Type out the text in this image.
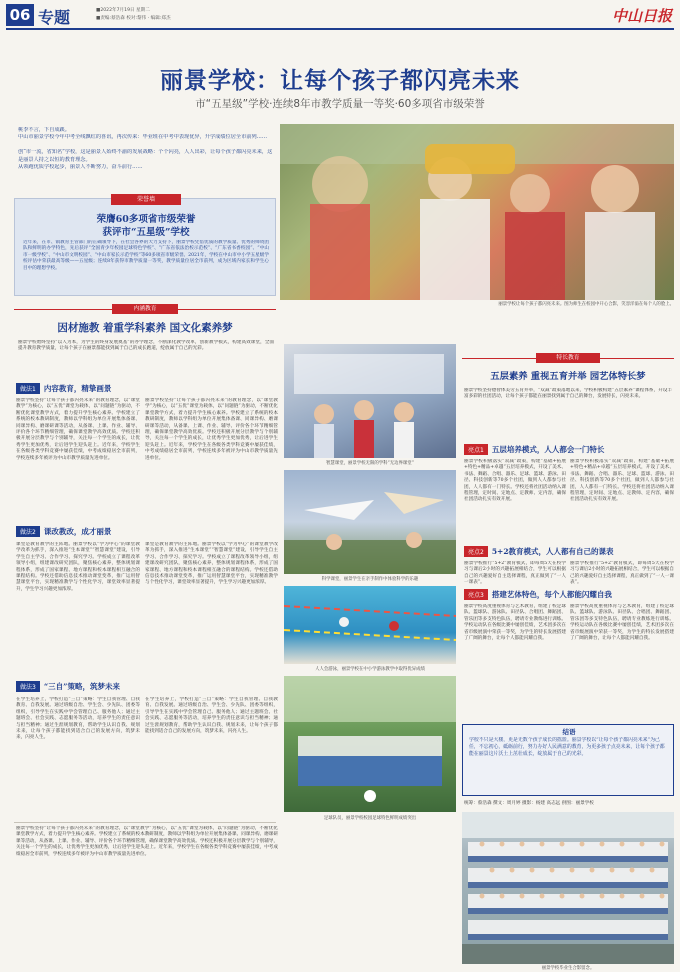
06 专题	■2022年7月19日 星期二
■责编:蔡浩森 校对:黎伟 · 编辑:郑杰	中山日报
丽景学校：让每个孩子都闪亮未来
市“五星级”学校·连续8年市教学质量一等奖·60多项省市级荣誉
桃李不言，下自成蹊。
中山市丽景学校今年中考全线飘红的喜讯，再次传来：毕业班在中考中表现优异，升学成绩位居全市前列……
创“市一流，省知名”学校，这是丽景人始终不渝的发展战略：个个闪亮，人人出彩，让每个孩子都闪亮未来，这是丽景人持之以恒的教育理念。
从领跑优质学校起步，丽景人不断努力，奋斗前行……
荣誉墙
荣膺60多项省市级荣誉
获评市“五星级”学校
近年来，在市、镇教育主管部门的正确领导下，在社会各界的大力支持下，丽景学校凭借优质的教学质量、优秀的师资团队和鲜明的办学特色，先后获评“全国青少年校园足球特色学校”、“广东省依法治校示范校”、“广东省书香校园”、“中山市一级学校”、“中山市文明校园”、“中山市家长示范学校”等60多项省市级荣誉。2021年，学校在中山市中小学五星级学校评估中荣获最高等级——五星级；连续8年获得市教学质量一等奖，教学质量位居全市前列，成为区域内家长和学生心目中的理想学校。
丽景学校让每个孩子都闪亮未来。图为师生在校园中开心合影，笑容洋溢在每个人的脸上。
内涵教育
因材施教 着重学科素养 国文化素养梦
丽景学校始终坚持“以人为本，为学生的终身发展奠基”的办学理念，不断深化教学改革，创新教学模式，构建高效课堂，全面提升教育教学质量，让每个孩子在丽景都能找到属于自己的成长跑道，绽放属于自己的光彩。
做法1	内容教育，精挚画景
丽景学校坚持“让每个孩子都闪亮未来”的教育理念，以“课堂教学”为核心，以“五优”课堂为载体，以“问题链”为驱动，不断优化课堂教学方式，着力提升学生核心素养。学校建立了系统的校本教研制度，教师以学科组为单位开展集体备课、同课异构、磨课研课等活动，从备课、上课、作业、辅导、评价各个环节精细管理，确保课堂教学高效优质。学校还积极开展分层教学与个别辅导，关注每一个学生的成长，让优秀学生更加优秀，让后进学生迎头赶上。近年来，学校学生在各级各类学科竞赛中屡获佳绩，中考成绩稳居全市前列，学校连续多年被评为中山市教学质量先进单位。
丽景学校坚持“让每个孩子都闪亮未来”的教育理念，以“课堂教学”为核心，以“五优”课堂为载体，以“问题链”为驱动，不断优化课堂教学方式，着力提升学生核心素养。学校建立了系统的校本教研制度，教师以学科组为单位开展集体备课、同课异构、磨课研课等活动，从备课、上课、作业、辅导、评价各个环节精细管理，确保课堂教学高效优质。学校还积极开展分层教学与个别辅导，关注每一个学生的成长，让优秀学生更加优秀，让后进学生迎头赶上。近年来，学校学生在各级各类学科竞赛中屡获佳绩，中考成绩稳居全市前列，学校连续多年被评为中山市教学质量先进单位。
做法2	课改教改，成才丽景
课堂是教育教学的主阵地。丽景学校以“学为中心”的课堂教学改革为抓手，深入推进“生本课堂”“智慧课堂”建设，引导学生自主学习、合作学习、探究学习。学校成立了课程改革领导小组，组建课改研究团队，聚焦核心素养，整体规划课程体系，形成了国家课程、地方课程和校本课程相互融合的课程结构。学校还借助信息技术推动课堂变革，推广运用智慧课堂平台，实现精准教学与个性化学习，课堂效率显著提升，学生学习兴趣更加浓厚。
课堂是教育教学的主阵地。丽景学校以“学为中心”的课堂教学改革为抓手，深入推进“生本课堂”“智慧课堂”建设，引导学生自主学习、合作学习、探究学习。学校成立了课程改革领导小组，组建课改研究团队，聚焦核心素养，整体规划课程体系，形成了国家课程、地方课程和校本课程相互融合的课程结构。学校还借助信息技术推动课堂变革，推广运用智慧课堂平台，实现精准教学与个性化学习，课堂效率显著提升，学生学习兴趣更加浓厚。
做法3	“三自”策略，筑梦未来
在学生培养上，学校打造“三自”策略：学生自我管理、自我教育、自我发展。通过班级自治、学生会、少先队、团委等组织，引导学生在实践中学会管理自己、服务他人；通过主题班会、社会实践、志愿服务等活动，培养学生的责任意识与担当精神；通过生涯规划教育，帮助学生认识自我、规划未来，让每个孩子都能找到适合自己的发展方向，筑梦未来，闪亮人生。
在学生培养上，学校打造“三自”策略：学生自我管理、自我教育、自我发展。通过班级自治、学生会、少先队、团委等组织，引导学生在实践中学会管理自己、服务他人；通过主题班会、社会实践、志愿服务等活动，培养学生的责任意识与担当精神；通过生涯规划教育，帮助学生认识自我、规划未来，让每个孩子都能找到适合自己的发展方向，筑梦未来，闪亮人生。
智慧课堂，丽景学校无限的学科“无边界课堂”
科学课堂，丽景学生在亲手制作中体验科学的乐趣
人人会游泳，丽景学校在中小学游泳教学中取得优异成绩
足球队员，丽景学校校园足球特色鲜明成绩突出
特长教育
五层素养 重视五育并举 园艺体特长梦
丽景学校坚持德智体美劳五育并举，“双减”政策落地以来，学校积极构建“五层素养”课程体系，开设丰富多彩的社团活动，让每个孩子都能在丽景找到属于自己的舞台，发展特长，闪亮未来。
亮点1	五层培养模式，人人都会一门特长
丽景学校积极落实“双减”政策，构建“基础+拓展+特色+精品+卓越”五层培养模式，开设了美术、书法、舞蹈、合唱、器乐、足球、篮球、游泳、田径、科技创新等70多个社团，做到人人都参与社团，人人都有一门特长。学校还将社团活动纳入课程管理，定时间、定地点、定教师、定内容，确保社团活动扎实有效开展。
丽景学校积极落实“双减”政策，构建“基础+拓展+特色+精品+卓越”五层培养模式，开设了美术、书法、舞蹈、合唱、器乐、足球、篮球、游泳、田径、科技创新等70多个社团，做到人人都参与社团，人人都有一门特长。学校还将社团活动纳入课程管理，定时间、定地点、定教师、定内容，确保社团活动扎实有效开展。
亮点2	5+2教育模式，人人都有自己的课表
丽景学校推行“5+2”教育模式，即每周5天在校学习与课后2小时的兴趣拓展相结合，学生可以根据自己的兴趣爱好自主选择课程，真正做到了“一人一课表”。
丽景学校推行“5+2”教育模式，即每周5天在校学习与课后2小时的兴趣拓展相结合，学生可以根据自己的兴趣爱好自主选择课程，真正做到了“一人一课表”。
亮点3	搭建艺体特色，每个人都能闪耀自我
丽景学校高度重视体育与艺术教育，组建了校足球队、篮球队、游泳队、田径队、合唱团、舞蹈团、管乐团等多支特色队伍，聘请专业教练进行训练。学校运动队在各级比赛中屡创佳绩，艺术团多次在省市级展演中荣获一等奖，为学生的特长发展搭建了广阔的舞台，让每个人都能闪耀自我。
丽景学校高度重视体育与艺术教育，组建了校足球队、篮球队、游泳队、田径队、合唱团、舞蹈团、管乐团等多支特色队伍，聘请专业教练进行训练。学校运动队在各级比赛中屡创佳绩，艺术团多次在省市级展演中荣获一等奖，为学生的特长发展搭建了广阔的舞台，让每个人都能闪耀自我。
结语
学校不只是大楼，更是无数个孩子成长的摇篮。丽景学校以“让每个孩子都闪亮未来”为己任，不忘初心，砥砺前行，努力办好人民满意的教育，为更多孩子点亮未来，让每个孩子都能在丽景这片沃土上茁壮成长，绽放属于自己的光彩。
统筹：蔡浩森 撰文：周月婷 摄影：杨建 高志远 供图：丽景学校
丽景学校毕业生合影留念。
丽景学校坚持“让每个孩子都闪亮未来”的教育理念，以“课堂教学”为核心，以“五优”课堂为载体，以“问题链”为驱动，不断优化课堂教学方式，着力提升学生核心素养。学校建立了系统的校本教研制度，教师以学科组为单位开展集体备课、同课异构、磨课研课等活动，从备课、上课、作业、辅导、评价各个环节精细管理，确保课堂教学高效优质。学校还积极开展分层教学与个别辅导，关注每一个学生的成长，让优秀学生更加优秀，让后进学生迎头赶上。近年来，学校学生在各级各类学科竞赛中屡获佳绩，中考成绩稳居全市前列，学校连续多年被评为中山市教学质量先进单位。
